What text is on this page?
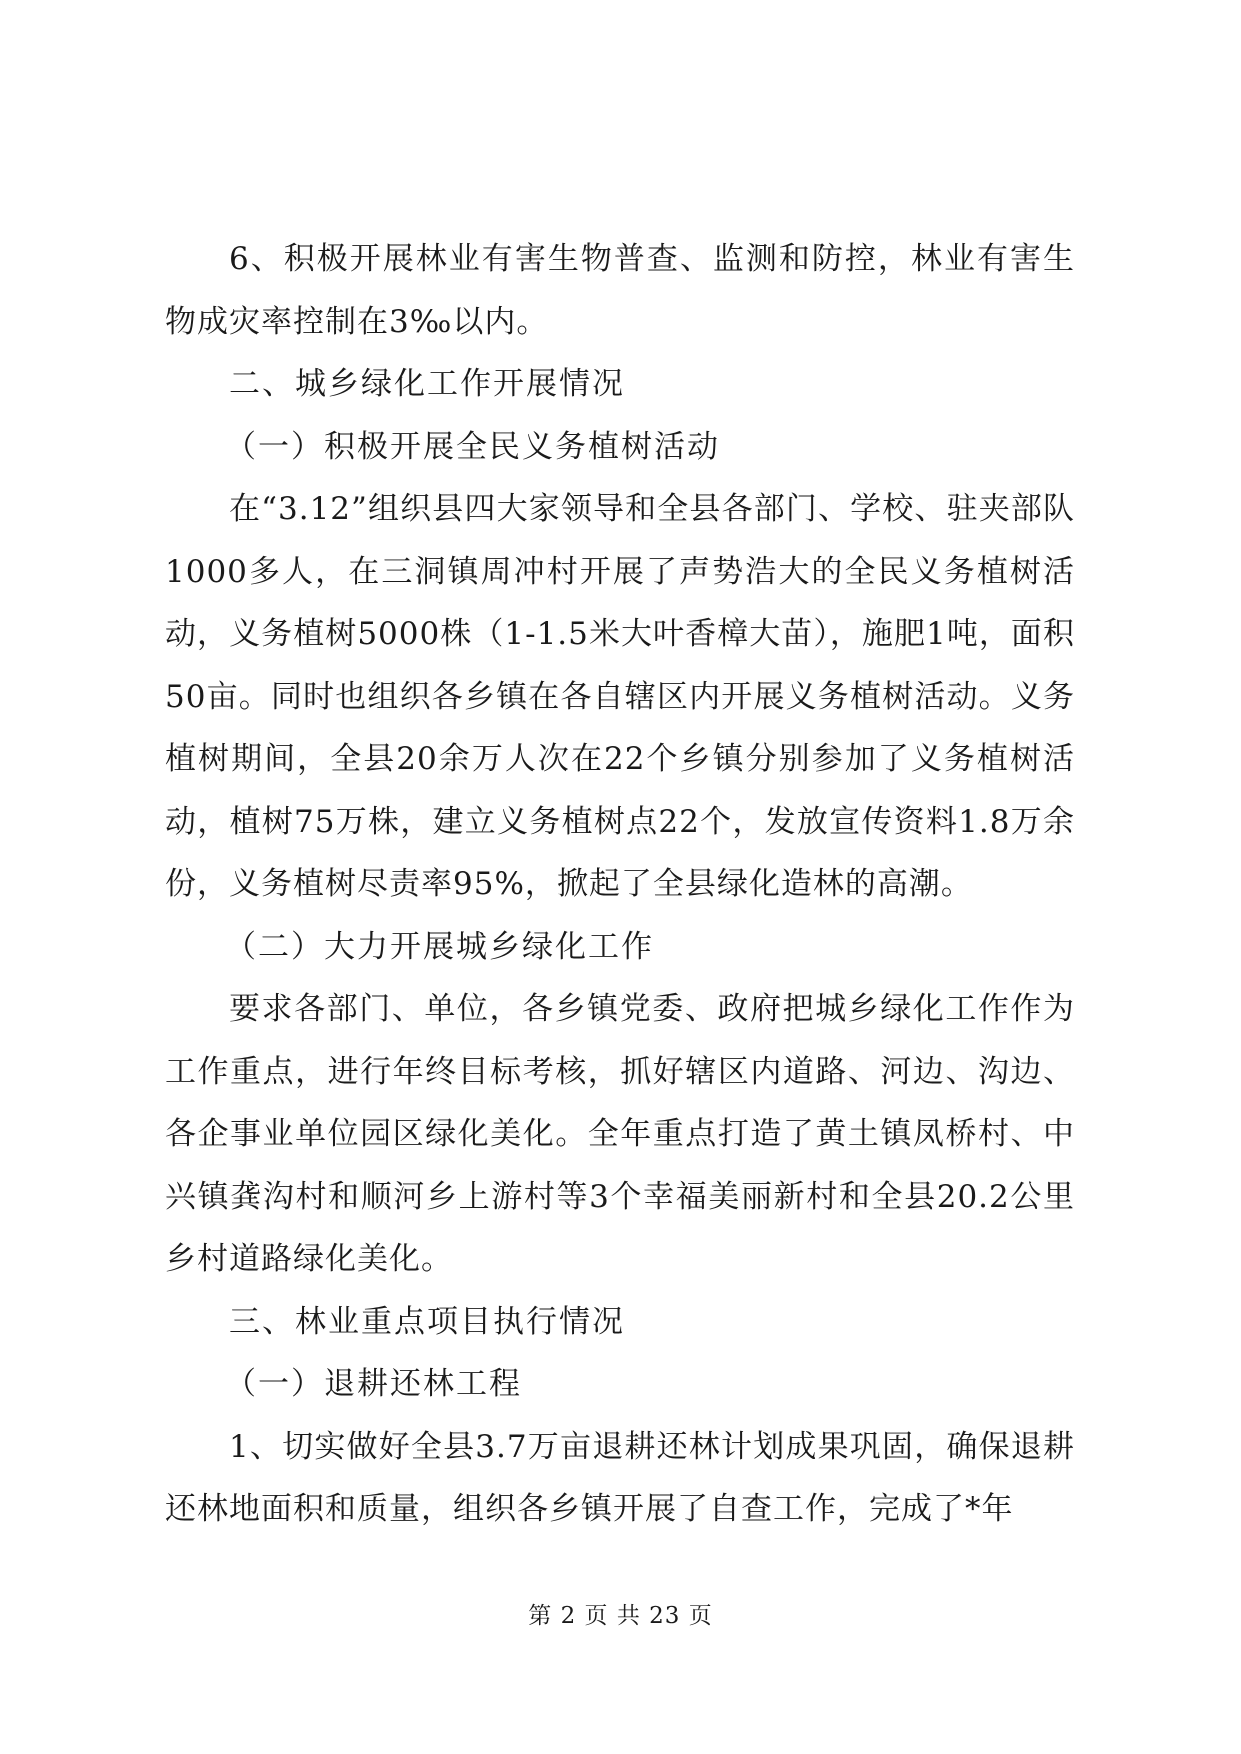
6、积极开展林业有害生物普查、监测和防控，林业有害生物成灾率控制在3‰以内。

二、城乡绿化工作开展情况

（一）积极开展全民义务植树活动

在“3.12”组织县四大家领导和全县各部门、学校、驻夹部队1000多人，在三洞镇周冲村开展了声势浩大的全民义务植树活动，义务植树5000株（1-1.5米大叶香樟大苗），施肥1吨，面积50亩。同时也组织各乡镇在各自辖区内开展义务植树活动。义务植树期间，全县20余万人次在22个乡镇分别参加了义务植树活动，植树75万株，建立义务植树点22个，发放宣传资料1.8万余份，义务植树尽责率95%，掀起了全县绿化造林的高潮。

（二）大力开展城乡绿化工作

要求各部门、单位，各乡镇党委、政府把城乡绿化工作作为工作重点，进行年终目标考核，抓好辖区内道路、河边、沟边、各企事业单位园区绿化美化。全年重点打造了黄土镇凤桥村、中兴镇龚沟村和顺河乡上游村等3个幸福美丽新村和全县20.2公里乡村道路绿化美化。

三、林业重点项目执行情况

（一）退耕还林工程

1、切实做好全县3.7万亩退耕还林计划成果巩固，确保退耕还林地面积和质量，组织各乡镇开展了自查工作，完成了*年

第 2 页 共 23 页
